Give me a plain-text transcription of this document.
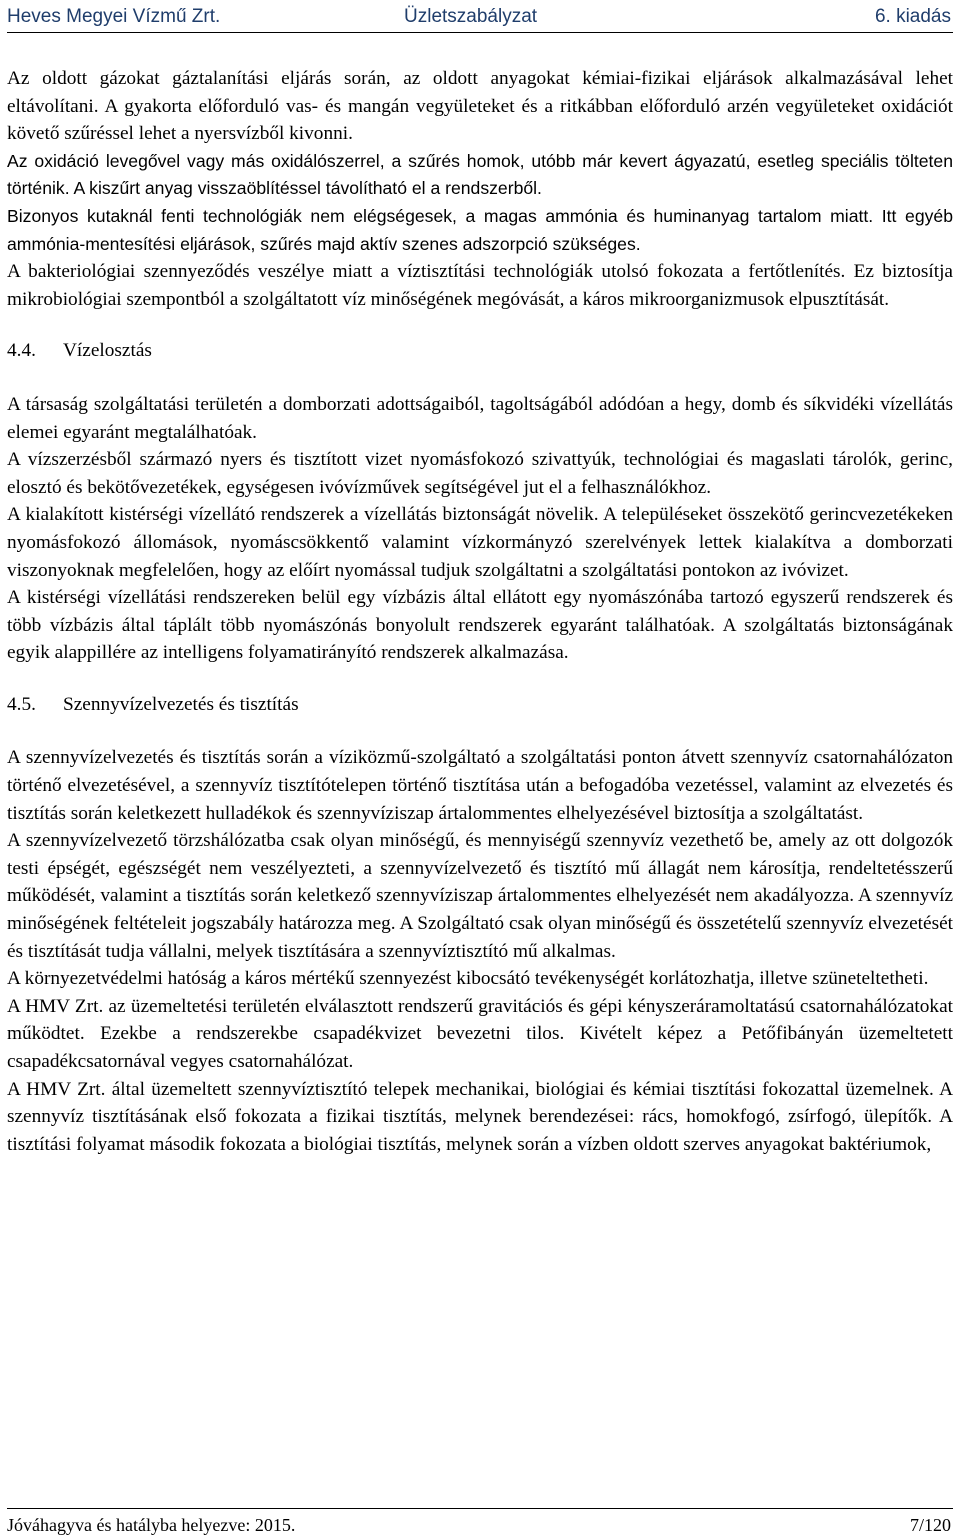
Heves Megyei Vízmű Zrt.	Üzletszabályzat	6. kiadás

Az oldott gázokat gáztalanítási eljárás során, az oldott anyagokat kémiai-fizikai eljárások alkalmazásával lehet eltávolítani. A gyakorta előforduló vas- és mangán vegyületeket és a ritkábban előforduló arzén vegyületeket oxidációt követő szűréssel lehet a nyersvízből kivonni.

Az oxidáció levegővel vagy más oxidálószerrel, a szűrés homok, utóbb már kevert ágyazatú, esetleg speciális tölteten történik. A kiszűrt anyag visszaöblítéssel távolítható el a rendszerből.

Bizonyos kutaknál fenti technológiák nem elégségesek, a magas ammónia és huminanyag tartalom miatt. Itt egyéb ammónia-mentesítési eljárások, szűrés majd aktív szenes adszorpció szükséges.

A bakteriológiai szennyeződés veszélye miatt a víztisztítási technológiák utolsó fokozata a fertőtlenítés. Ez biztosítja mikrobiológiai szempontból a szolgáltatott víz minőségének megóvását, a káros mikroorganizmusok elpusztítását.

4.4. Vízelosztás

A társaság szolgáltatási területén a domborzati adottságaiból, tagoltságából adódóan a hegy, domb és síkvidéki vízellátás elemei egyaránt megtalálhatóak.

A vízszerzésből származó nyers és tisztított vizet nyomásfokozó szivattyúk, technológiai és magaslati tárolók, gerinc, elosztó és bekötővezetékek, egységesen ivóvízművek segítségével jut el a felhasználókhoz.

A kialakított kistérségi vízellátó rendszerek a vízellátás biztonságát növelik. A településeket összekötő gerincvezetékeken nyomásfokozó állomások, nyomáscsökkentő valamint vízkormányzó szerelvények lettek kialakítva a domborzati viszonyoknak megfelelően, hogy az előírt nyomással tudjuk szolgáltatni a szolgáltatási pontokon az ivóvizet.

A kistérségi vízellátási rendszereken belül egy vízbázis által ellátott egy nyomászónába tartozó egyszerű rendszerek és több vízbázis által táplált több nyomászónás bonyolult rendszerek egyaránt találhatóak. A szolgáltatás biztonságának egyik alappillére az intelligens folyamatirányító rendszerek alkalmazása.

4.5. Szennyvízelvezetés és tisztítás

A szennyvízelvezetés és tisztítás során a víziközmű-szolgáltató a szolgáltatási ponton átvett szennyvíz csatornahálózaton történő elvezetésével, a szennyvíz tisztítótelepen történő tisztítása után a befogadóba vezetéssel, valamint az elvezetés és tisztítás során keletkezett hulladékok és szennyvíziszap ártalommentes elhelyezésével biztosítja a szolgáltatást.

A szennyvízelvezető törzshálózatba csak olyan minőségű, és mennyiségű szennyvíz vezethető be, amely az ott dolgozók testi épségét, egészségét nem veszélyezteti, a szennyvízelvezető és tisztító mű állagát nem károsítja, rendeltetésszerű működését, valamint a tisztítás során keletkező szennyvíziszap ártalommentes elhelyezését nem akadályozza. A szennyvíz minőségének feltételeit jogszabály határozza meg. A Szolgáltató csak olyan minőségű és összetételű szennyvíz elvezetését és tisztítását tudja vállalni, melyek tisztítására a szennyvíztisztító mű alkalmas.

A környezetvédelmi hatóság a káros mértékű szennyezést kibocsátó tevékenységét korlátozhatja, illetve szüneteltetheti.

A HMV Zrt. az üzemeltetési területén elválasztott rendszerű gravitációs és gépi kényszeráramoltatású csatornahálózatokat működtet. Ezekbe a rendszerekbe csapadékvizet bevezetni tilos. Kivételt képez a Petőfibányán üzemeltetett csapadékcsatornával vegyes csatornahálózat.

A HMV Zrt. által üzemeltett szennyvíztisztító telepek mechanikai, biológiai és kémiai tisztítási fokozattal üzemelnek. A szennyvíz tisztításának első fokozata a fizikai tisztítás, melynek berendezései: rács, homokfogó, zsírfogó, ülepítők. A tisztítási folyamat második fokozata a biológiai tisztítás, melynek során a vízben oldott szerves anyagokat baktériumok,

Jóváhagyva és hatályba helyezve: 2015.	7/120
